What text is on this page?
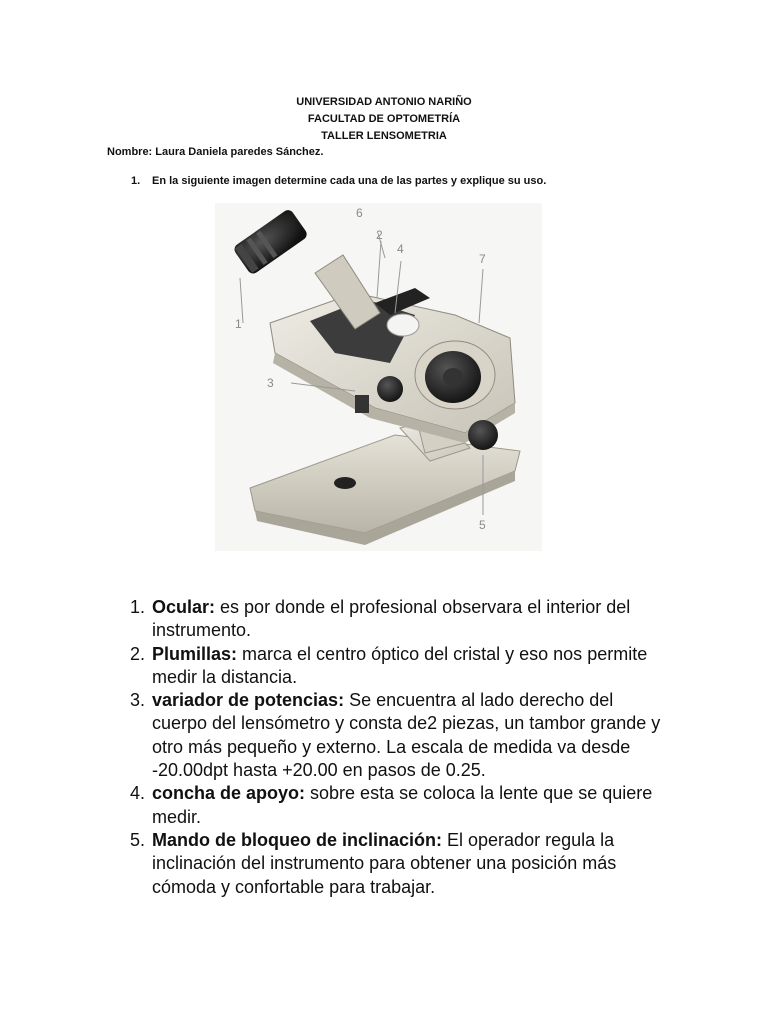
UNIVERSIDAD ANTONIO NARIÑO
FACULTAD DE OPTOMETRÍA
TALLER LENSOMETRIA
Nombre: Laura Daniela paredes Sánchez.
1. En la siguiente imagen determine cada una de las partes y explique su uso.
1
2
3
4
5
6
7
1. Ocular: es por donde el profesional observara el interior del instrumento.
2. Plumillas: marca el centro óptico del cristal y eso nos permite medir la distancia.
3. variador de potencias: Se encuentra al lado derecho del cuerpo del lensómetro y consta de2 piezas, un tambor grande y otro más pequeño y externo. La escala de medida va desde -20.00dpt hasta +20.00 en pasos de 0.25.
4. concha de apoyo: sobre esta se coloca la lente que se quiere medir.
5. Mando de bloqueo de inclinación: El operador regula la inclinación del instrumento para obtener una posición más cómoda y confortable para trabajar.
